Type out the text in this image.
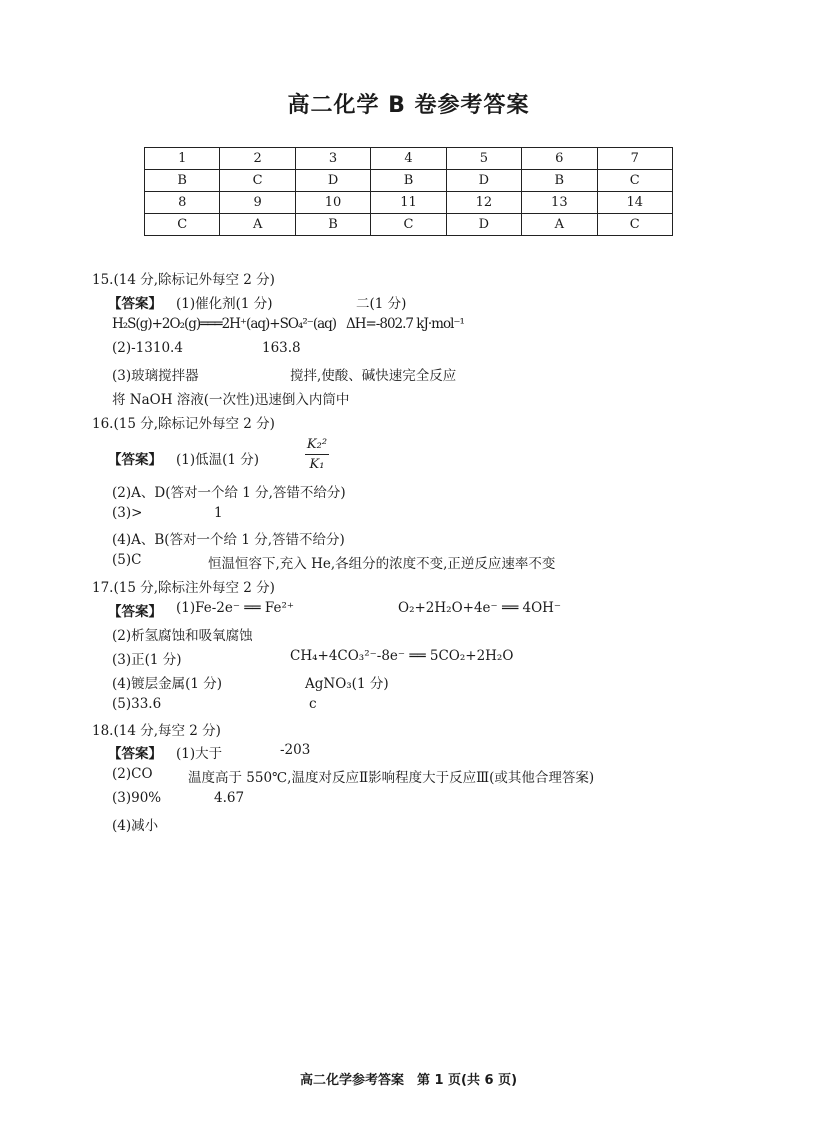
高二化学 B 卷参考答案
1	2	3	4	5	6	7
B	C	D	B	D	B	C
8	9	10	11	12	13	14
C	A	B	C	D	A	C
15.(14 分,除标记外每空 2 分)
【答案】 (1)催化剂(1 分)	二(1 分)
H₂S(g)+2O₂(g)═══2H⁺(aq)+SO₄²⁻(aq) ΔH=-802.7 kJ·mol⁻¹
(2)-1310.4	163.8
(3)玻璃搅拌器	搅拌,使酸、碱快速完全反应
将 NaOH 溶液(一次性)迅速倒入内筒中
16.(15 分,除标记外每空 2 分)
【答案】 (1)低温(1 分)	$\frac{\text{K₂²}}{\text{K₁}}$
(2)A、D(答对一个给 1 分,答错不给分)
(3)>	1
(4)A、B(答对一个给 1 分,答错不给分)
(5)C	恒温恒容下,充入 He,各组分的浓度不变,正逆反应速率不变
17.(15 分,除标注外每空 2 分)
【答案】 (1)Fe-2e⁻ ══ Fe²⁺	O₂+2H₂O+4e⁻ ══ 4OH⁻
(2)析氢腐蚀和吸氧腐蚀
(3)正(1 分)	CH₄+4CO₃²⁻-8e⁻ ══ 5CO₂+2H₂O
(4)镀层金属(1 分)	AgNO₃(1 分)
(5)33.6	c
18.(14 分,每空 2 分)
【答案】 (1)大于	-203
(2)CO	温度高于 550℃,温度对反应Ⅱ影响程度大于反应Ⅲ(或其他合理答案)
(3)90%	4.67
(4)减小
高二化学参考答案　第 1 页(共 6 页)
